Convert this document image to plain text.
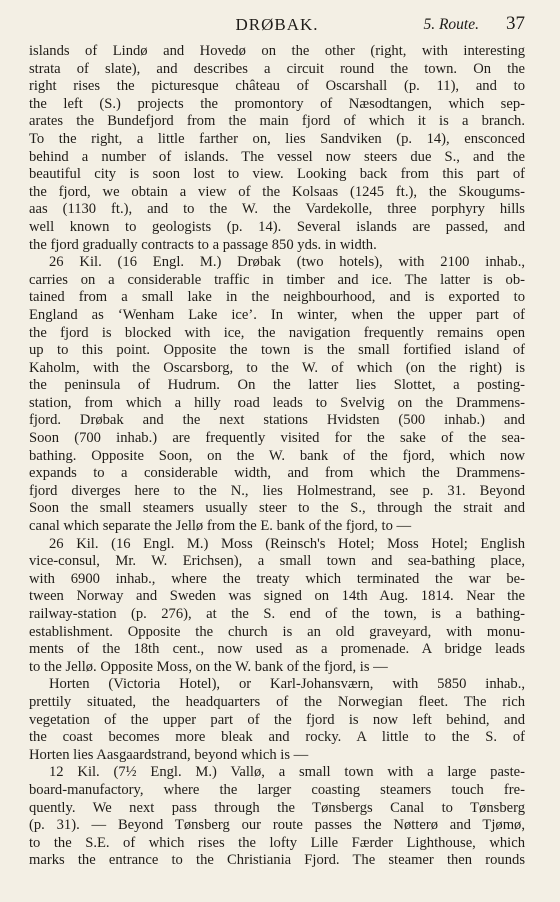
DRØBAK.	5. Route. 37
islands of Lindø and Hovedø on the other (right, with interesting
strata of slate), and describes a circuit round the town. On the
right rises the picturesque château of Oscarshall (p. 11), and to
the left (S.) projects the promontory of Næsodtangen, which sep-
arates the Bundefjord from the main fjord of which it is a branch.
To the right, a little farther on, lies Sandviken (p. 14), ensconced
behind a number of islands. The vessel now steers due S., and the
beautiful city is soon lost to view. Looking back from this part of
the fjord, we obtain a view of the Kolsaas (1245 ft.), the Skougums-
aas (1130 ft.), and to the W. the Vardekolle, three porphyry hills
well known to geologists (p. 14). Several islands are passed, and
the fjord gradually contracts to a passage 850 yds. in width.
26 Kil. (16 Engl. M.) Drøbak (two hotels), with 2100 inhab.,
carries on a considerable traffic in timber and ice. The latter is ob-
tained from a small lake in the neighbourhood, and is exported to
England as ‘Wenham Lake ice’. In winter, when the upper part of
the fjord is blocked with ice, the navigation frequently remains open
up to this point. Opposite the town is the small fortified island of
Kaholm, with the Oscarsborg, to the W. of which (on the right) is
the peninsula of Hudrum. On the latter lies Slottet, a posting-
station, from which a hilly road leads to Svelvig on the Drammens-
fjord. Drøbak and the next stations Hvidsten (500 inhab.) and
Soon (700 inhab.) are frequently visited for the sake of the sea-
bathing. Opposite Soon, on the W. bank of the fjord, which now
expands to a considerable width, and from which the Drammens-
fjord diverges here to the N., lies Holmestrand, see p. 31. Beyond
Soon the small steamers usually steer to the S., through the strait and
canal which separate the Jellø from the E. bank of the fjord, to —
26 Kil. (16 Engl. M.) Moss (Reinsch's Hotel; Moss Hotel; English
vice-consul, Mr. W. Erichsen), a small town and sea-bathing place,
with 6900 inhab., where the treaty which terminated the war be-
tween Norway and Sweden was signed on 14th Aug. 1814. Near the
railway-station (p. 276), at the S. end of the town, is a bathing-
establishment. Opposite the church is an old graveyard, with monu-
ments of the 18th cent., now used as a promenade. A bridge leads
to the Jellø. Opposite Moss, on the W. bank of the fjord, is —
Horten (Victoria Hotel), or Karl-Johansværn, with 5850 inhab.,
prettily situated, the headquarters of the Norwegian fleet. The rich
vegetation of the upper part of the fjord is now left behind, and
the coast becomes more bleak and rocky. A little to the S. of
Horten lies Aasgaardstrand, beyond which is —
12 Kil. (7½ Engl. M.) Vallø, a small town with a large paste-
board-manufactory, where the larger coasting steamers touch fre-
quently. We next pass through the Tønsbergs Canal to Tønsberg
(p. 31). — Beyond Tønsberg our route passes the Nøtterø and Tjømø,
to the S.E. of which rises the lofty Lille Færder Lighthouse, which
marks the entrance to the Christiania Fjord. The steamer then rounds
